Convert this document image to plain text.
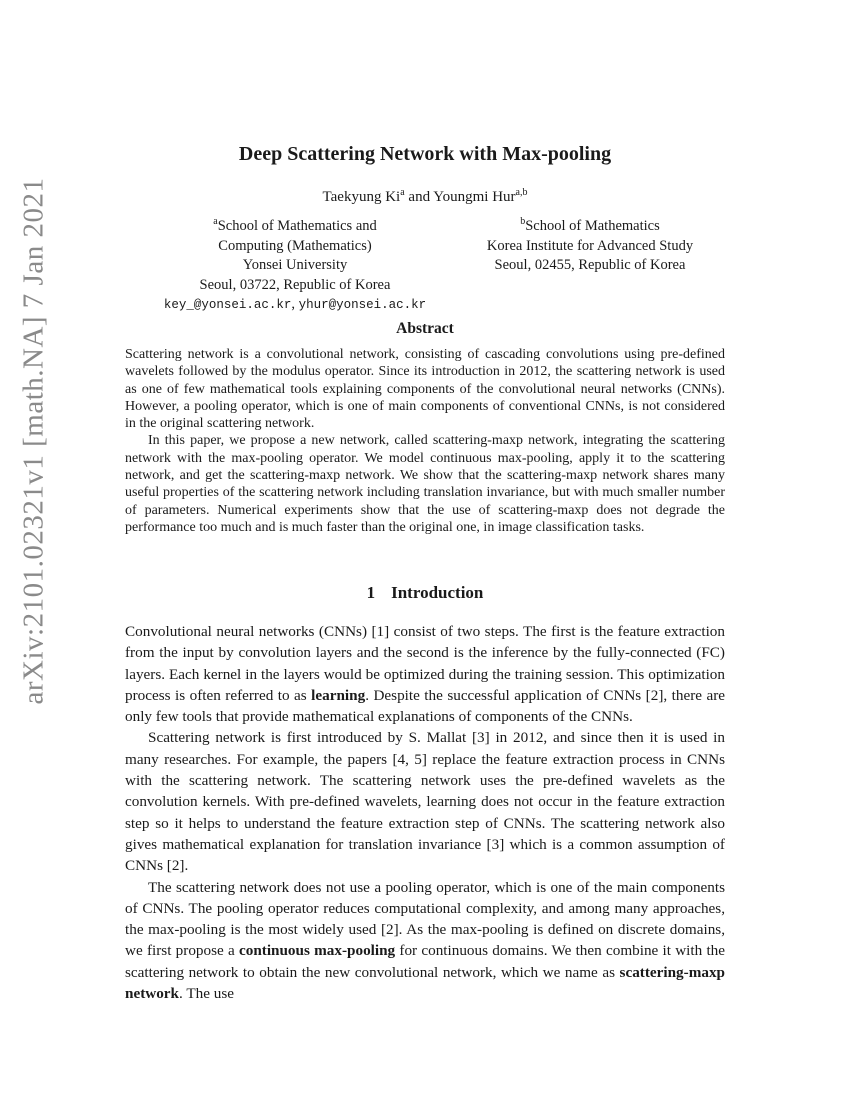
arXiv:2101.02321v1 [math.NA] 7 Jan 2021
Deep Scattering Network with Max-pooling
Taekyung Ki$^a$ and Youngmi Hur$^{a,b}$
$^a$School of Mathematics and
Computing (Mathematics)
Yonsei University
Seoul, 03722, Republic of Korea
key_@yonsei.ac.kr, yhur@yonsei.ac.kr
$^b$School of Mathematics
Korea Institute for Advanced Study
Seoul, 02455, Republic of Korea
Abstract

Scattering network is a convolutional network, consisting of cascading convolutions using pre-defined wavelets followed by the modulus operator. Since its introduction in 2012, the scattering network is used as one of few mathematical tools explaining components of the convolutional neural networks (CNNs). However, a pooling operator, which is one of main components of conventional CNNs, is not considered in the original scattering network.

In this paper, we propose a new network, called scattering-maxp network, integrating the scattering network with the max-pooling operator. We model continuous max-pooling, apply it to the scattering network, and get the scattering-maxp network. We show that the scattering-maxp network shares many useful properties of the scattering network including translation invariance, but with much smaller number of parameters. Numerical experiments show that the use of scattering-maxp does not degrade the performance too much and is much faster than the original one, in image classification tasks.

1 Introduction

Convolutional neural networks (CNNs) [1] consist of two steps. The first is the feature extraction from the input by convolution layers and the second is the inference by the fully-connected (FC) layers. Each kernel in the layers would be optimized during the training session. This optimization process is often referred to as learning. Despite the successful application of CNNs [2], there are only few tools that provide mathematical explanations of components of the CNNs.

Scattering network is first introduced by S. Mallat [3] in 2012, and since then it is used in many researches. For example, the papers [4, 5] replace the feature extraction process in CNNs with the scattering network. The scattering network uses the pre-defined wavelets as the convolution kernels. With pre-defined wavelets, learning does not occur in the feature extraction step so it helps to understand the feature extraction step of CNNs. The scattering network also gives mathematical explanation for translation invariance [3] which is a common assumption of CNNs [2].

The scattering network does not use a pooling operator, which is one of the main components of CNNs. The pooling operator reduces computational complexity, and among many approaches, the max-pooling is the most widely used [2]. As the max-pooling is defined on discrete domains, we first propose a continuous max-pooling for continuous domains. We then combine it with the scattering network to obtain the new convolutional network, which we name as scattering-maxp network. The use
